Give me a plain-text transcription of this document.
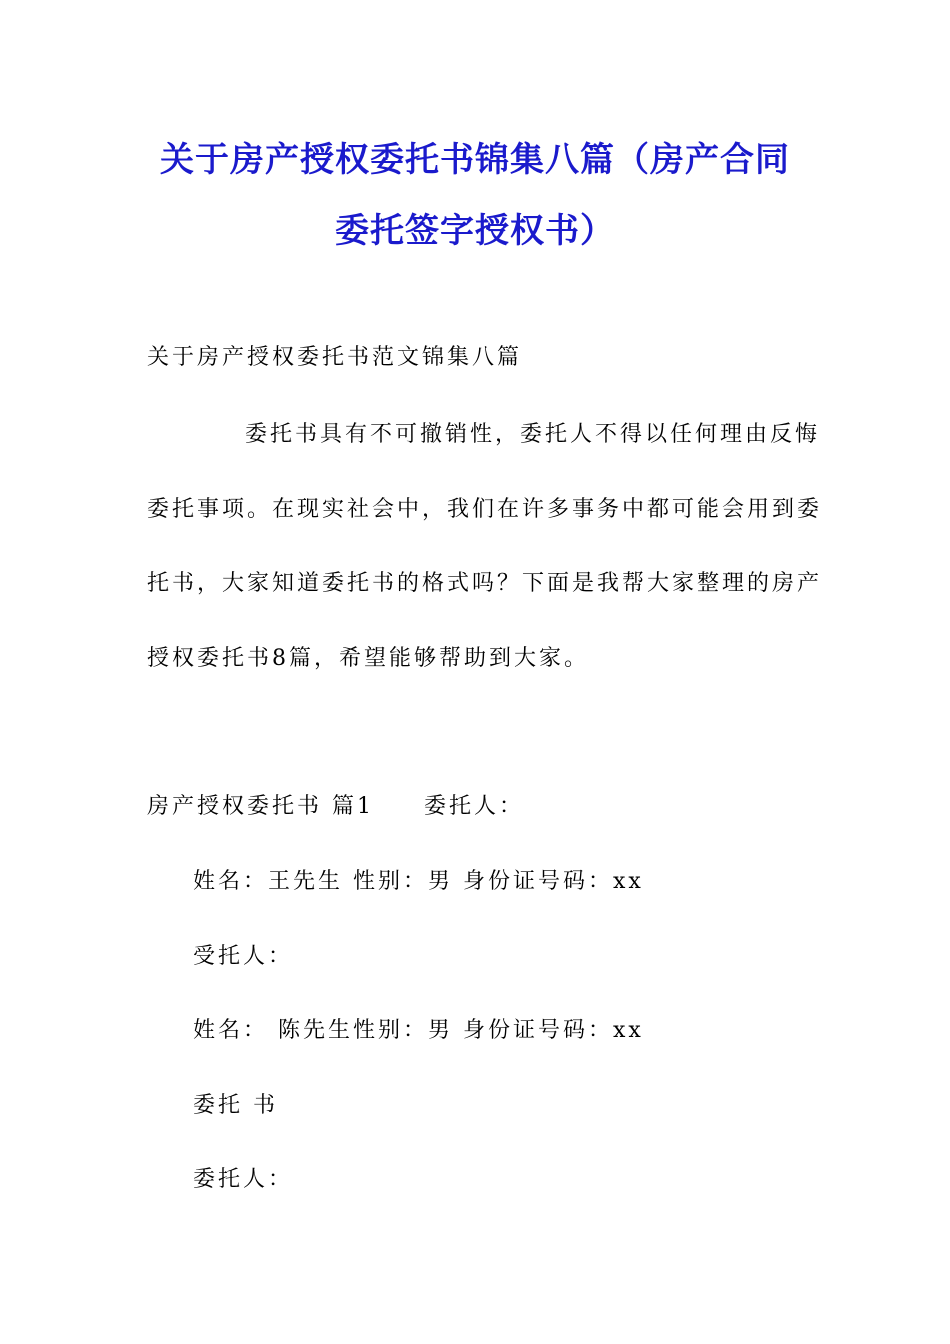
关于房产授权委托书锦集八篇（房产合同
委托签字授权书）
关于房产授权委托书范文锦集八篇
委托书具有不可撤销性，委托人不得以任何理由反悔
委托事项。在现实社会中，我们在许多事务中都可能会用到委
托书，大家知道委托书的格式吗？下面是我帮大家整理的房产
授权委托书8篇，希望能够帮助到大家。
房产授权委托书 篇1　　委托人：
姓名：王先生 性别：男 身份证号码：xx
受托人：
姓名： 陈先生性别：男 身份证号码：xx
委托 书
委托人：
